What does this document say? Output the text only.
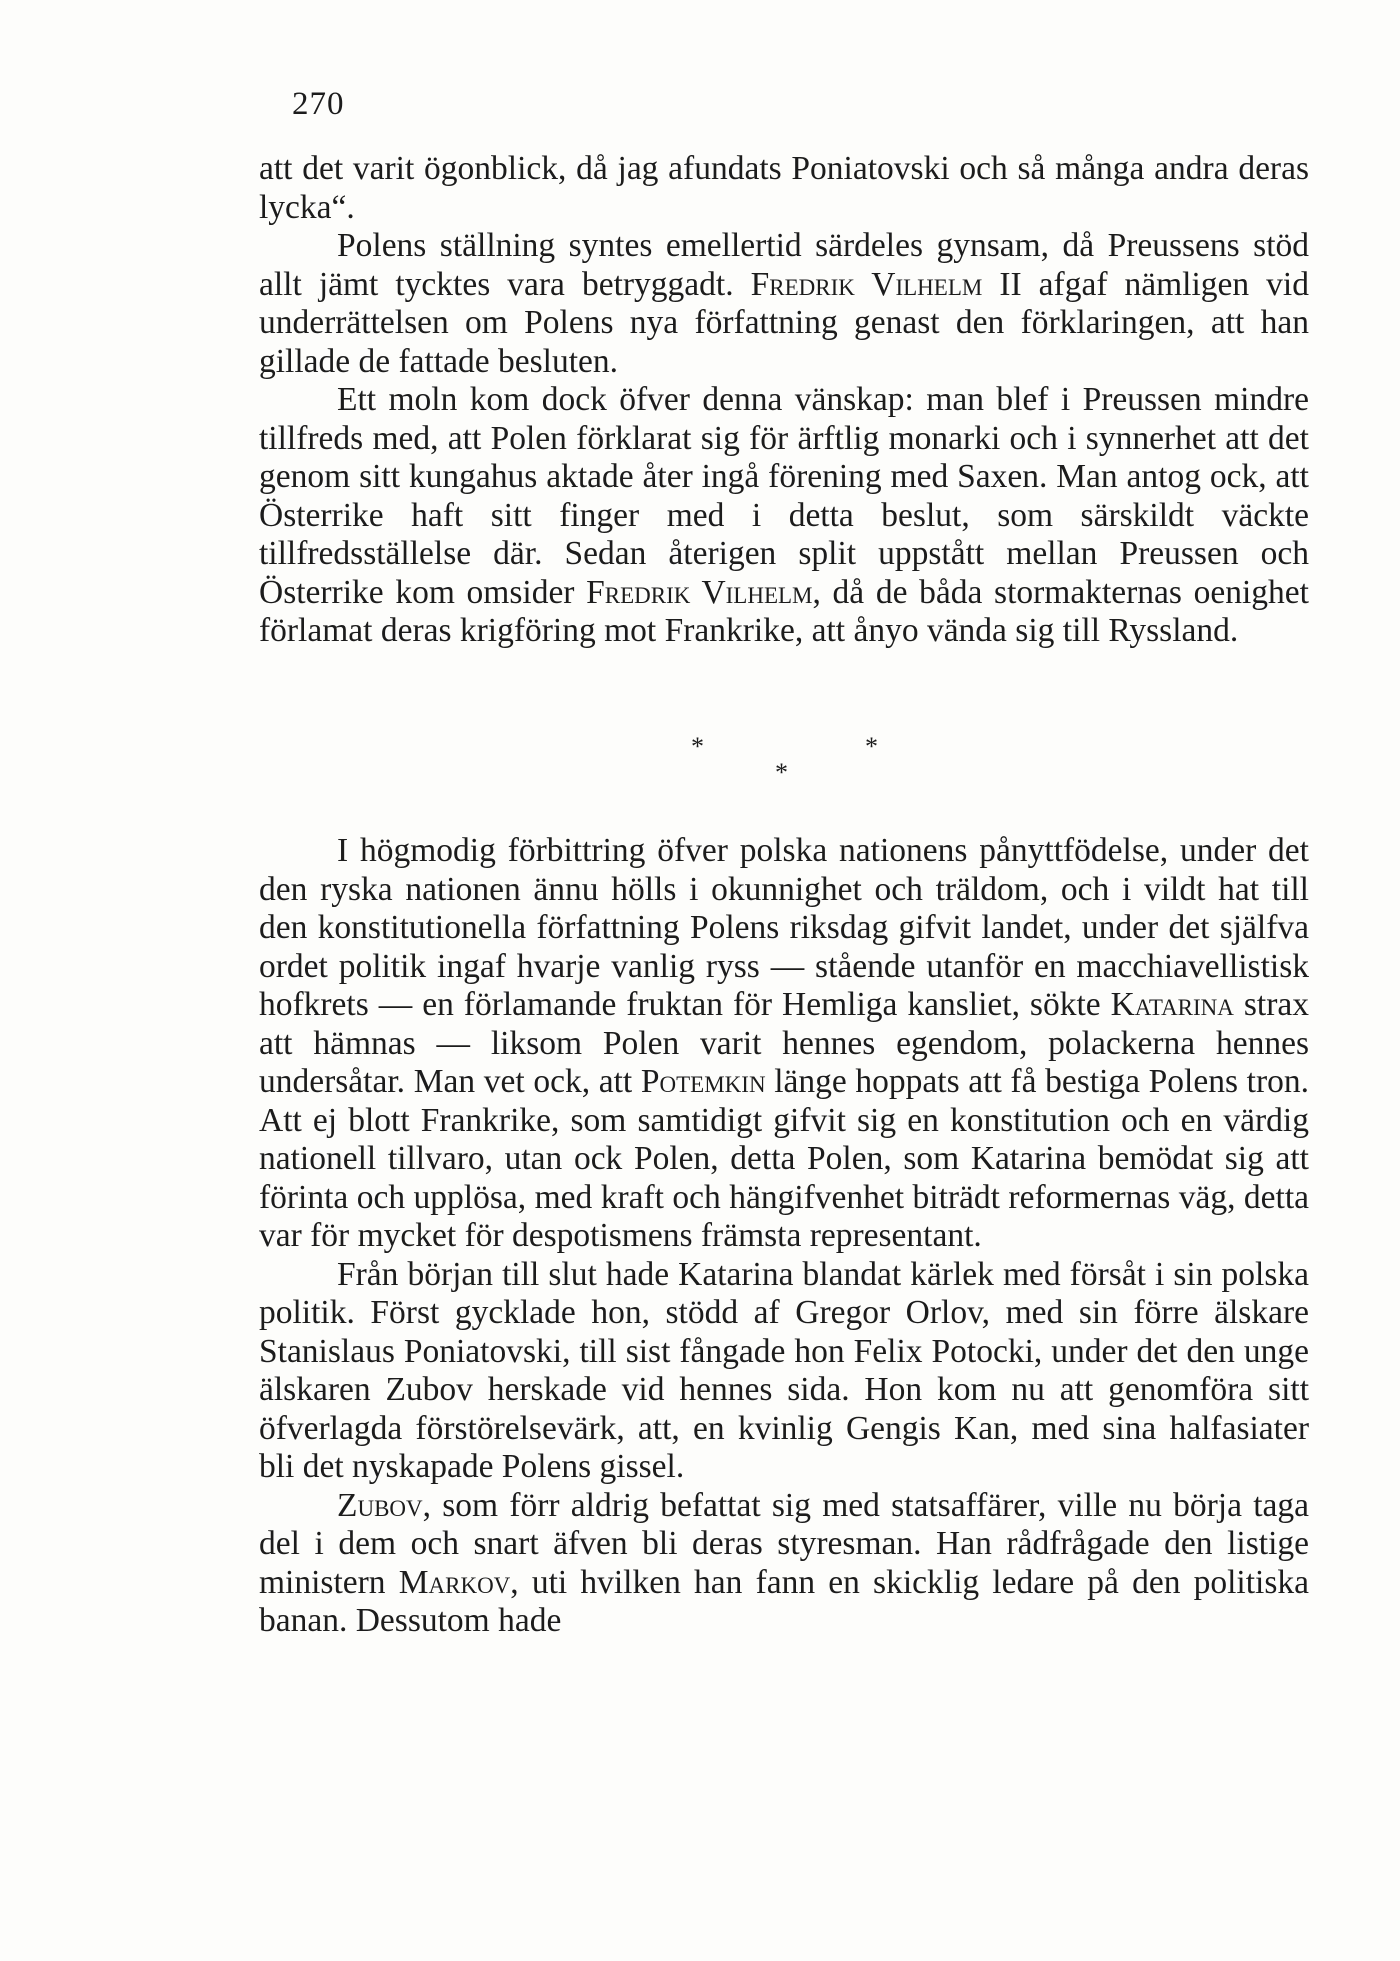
270

att det varit ögonblick, då jag afundats Poniatovski och så många andra deras lycka“.

Polens ställning syntes emellertid särdeles gynsam, då Preussens stöd allt jämt tycktes vara betryggadt. Fredrik Vilhelm II afgaf nämligen vid underrättelsen om Polens nya författning genast den förklaringen, att han gillade de fattade besluten.

Ett moln kom dock öfver denna vänskap: man blef i Preussen mindre tillfreds med, att Polen förklarat sig för ärftlig monarki och i synnerhet att det genom sitt kungahus aktade åter ingå förening med Saxen. Man antog ock, att Österrike haft sitt finger med i detta beslut, som särskildt väckte tillfredsställelse där. Sedan återigen split uppstått mellan Preussen och Österrike kom omsider Fredrik Vilhelm, då de båda stormakternas oenighet förlamat deras krigföring mot Frankrike, att ånyo vända sig till Ryssland.

*	*
*

I högmodig förbittring öfver polska nationens pånyttfödelse, under det den ryska nationen ännu hölls i okunnighet och träldom, och i vildt hat till den konstitutionella författning Polens riksdag gifvit landet, under det själfva ordet politik ingaf hvarje vanlig ryss — stående utanför en macchiavellistisk hofkrets — en förlamande fruktan för Hemliga kansliet, sökte Katarina strax att hämnas — liksom Polen varit hennes egendom, polackerna hennes undersåtar. Man vet ock, att Potemkin länge hoppats att få bestiga Polens tron. Att ej blott Frankrike, som samtidigt gifvit sig en konstitution och en värdig nationell tillvaro, utan ock Polen, detta Polen, som Katarina bemödat sig att förinta och upplösa, med kraft och hängifvenhet biträdt reformernas väg, detta var för mycket för despotismens främsta representant.

Från början till slut hade Katarina blandat kärlek med försåt i sin polska politik. Först gycklade hon, stödd af Gregor Orlov, med sin förre älskare Stanislaus Poniatovski, till sist fångade hon Felix Potocki, under det den unge älskaren Zubov herskade vid hennes sida. Hon kom nu att genomföra sitt öfverlagda förstörelsevärk, att, en kvinlig Gengis Kan, med sina halfasiater bli det nyskapade Polens gissel.

Zubov, som förr aldrig befattat sig med statsaffärer, ville nu börja taga del i dem och snart äfven bli deras styresman. Han rådfrågade den listige ministern Markov, uti hvilken han fann en skicklig ledare på den politiska banan. Dessutom hade
